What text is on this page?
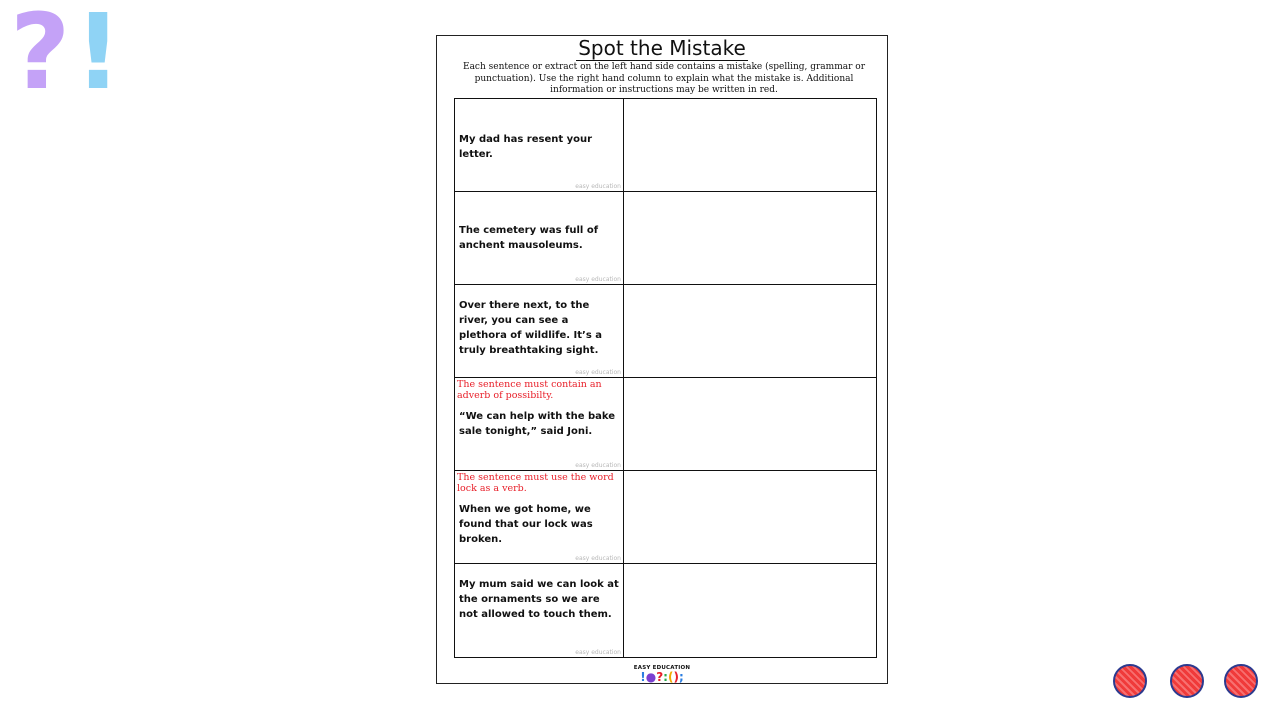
?!	Spot the Mistake
Each sentence or extract on the left hand side contains a mistake (spelling, grammar or punctuation). Use the right hand column to explain what the mistake is. Additional information or instructions may be written in red.
My dad has resent your letter.
easy education
The cemetery was full of anchent mausoleums.
easy education
Over there next, to the river, you can see a plethora of wildlife. It’s a truly breathtaking sight.
easy education
The sentence must contain an adverb of possibilty.
“We can help with the bake sale tonight,” said Joni.
easy education
The sentence must use the word lock as a verb.
When we got home, we found that our lock was broken.
easy education
My mum said we can look at the ornaments so we are not allowed to touch them.
easy education
EASY EDUCATION
!●?:();
